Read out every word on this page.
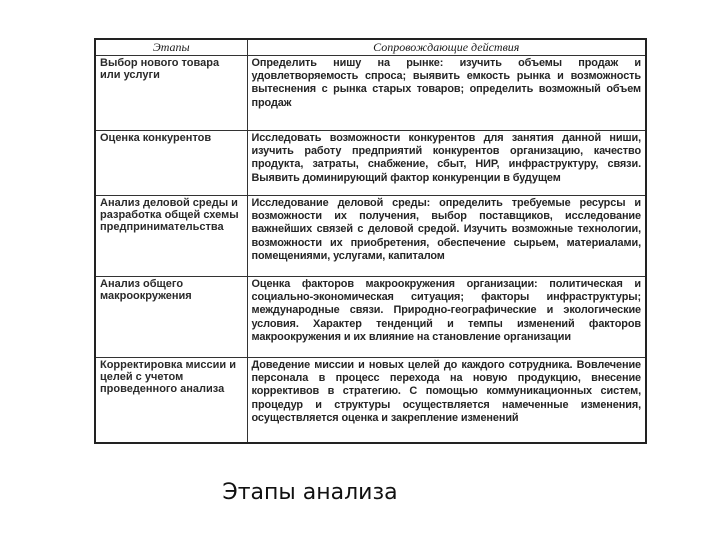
Этапы	Сопровождающие действия
Выбор нового товара или услуги	Определить нишу на рынке: изучить объемы продаж и удовлетворяемость спроса; выявить емкость рынка и возможность вытеснения с рынка старых товаров; определить возможный объем продаж
Оценка конкурентов	Исследовать возможности конкурентов для занятия данной ниши, изучить работу предприятий конкурентов организацию, качество продукта, затраты, снабжение, сбыт, НИР, инфраструктуру, связи. Выявить доминирующий фактор конкуренции в будущем
Анализ деловой среды и разработка общей схемы предпринимательства	Исследование деловой среды: определить требуемые ресурсы и возможности их получения, выбор поставщиков, исследование важнейших связей с деловой средой. Изучить возможные технологии, возможности их приобретения, обеспечение сырьем, материалами, помещениями, услугами, капиталом
Анализ общего макроокружения	Оценка факторов макроокружения организации: политическая и социально-экономическая ситуация; факторы инфраструктуры; международные связи. Природно-географические и экологические условия. Характер тенденций и темпы изменений факторов макроокружения и их влияние на становление организации
Корректировка миссии и целей с учетом проведенного анализа	Доведение миссии и новых целей до каждого сотрудника. Вовлечение персонала в процесс перехода на новую продукцию, внесение коррективов в стратегию. С помощью коммуникационных систем, процедур и структуры осуществляется намеченные изменения, осуществляется оценка и закрепление изменений
Этапы анализа
